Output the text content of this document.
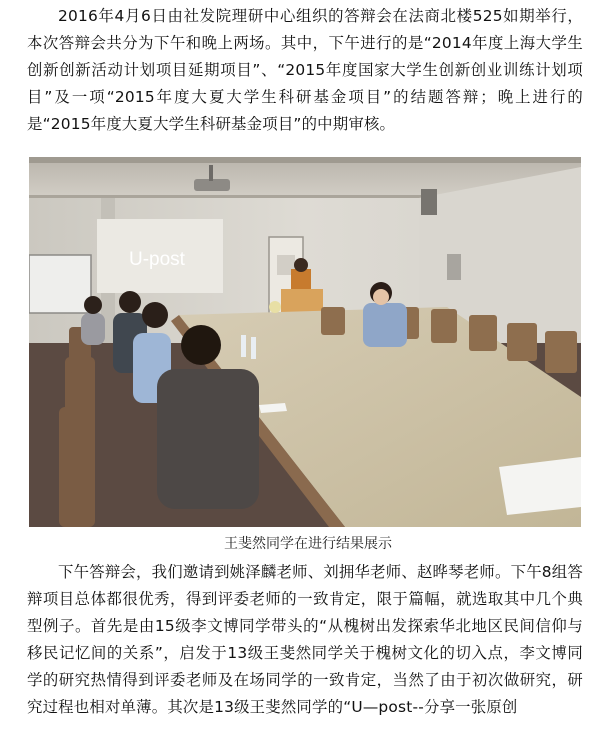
2016年4月6日由社发院理研中心组织的答辩会在法商北楼525如期举行，本次答辩会共分为下午和晚上两场。其中，下午进行的是“2014年度上海大学生创新创新活动计划项目延期项目”、“2015年度国家大学生创新创业训练计划项目”及一项“2015年度大夏大学生科研基金项目”的结题答辩；晚上进行的是“2015年度大夏大学生科研基金项目”的中期审核。

U-post
王斐然同学在进行结果展示

下午答辩会，我们邀请到姚泽麟老师、刘拥华老师、赵晔琴老师。下午8组答辩项目总体都很优秀，得到评委老师的一致肯定，限于篇幅，就选取其中几个典型例子。首先是由15级李文博同学带头的“从槐树出发探索华北地区民间信仰与移民记忆间的关系”，启发于13级王斐然同学关于槐树文化的切入点，李文博同学的研究热情得到评委老师及在场同学的一致肯定，当然了由于初次做研究，研究过程也相对单薄。其次是13级王斐然同学的“U—post--分享一张原创
